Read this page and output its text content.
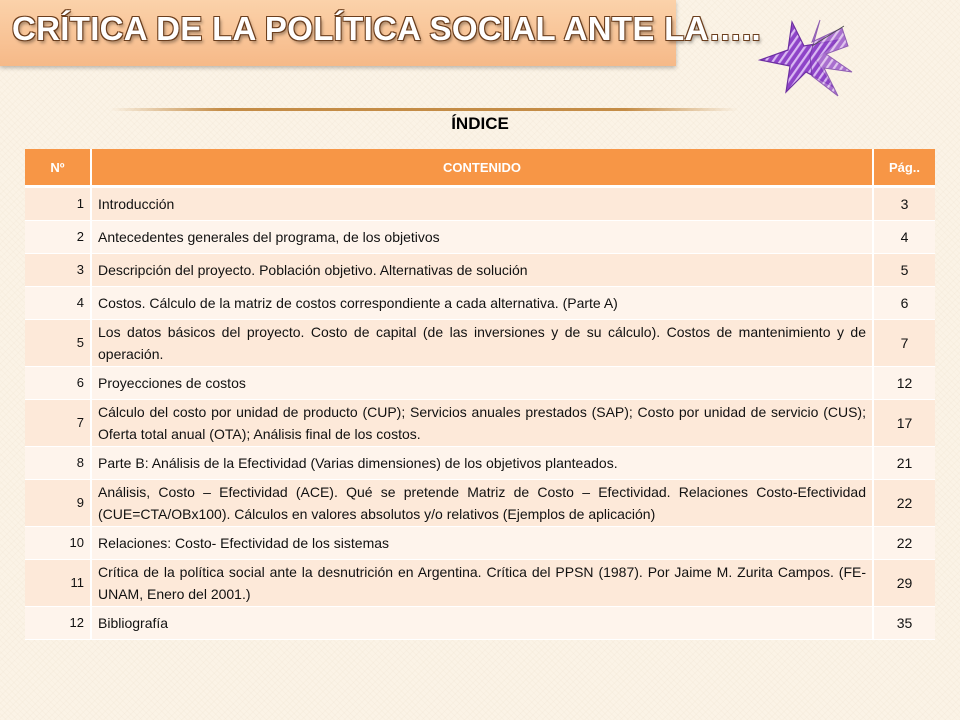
CRÍTICA DE LA POLÍTICA SOCIAL ANTE LA…..
ÍNDICE
Nº	CONTENIDO	Pág..
1	Introducción	3
2	Antecedentes generales del programa, de los objetivos	4
3	Descripción del proyecto. Población objetivo. Alternativas de solución	5
4	Costos. Cálculo de la matriz de costos correspondiente a cada alternativa. (Parte A)	6
5	Los datos básicos del proyecto. Costo de capital (de las inversiones y de su cálculo). Costos de mantenimiento y de operación.	7
6	Proyecciones de costos	12
7	Cálculo del costo por unidad de producto (CUP); Servicios anuales prestados (SAP); Costo por unidad de servicio (CUS); Oferta total anual (OTA); Análisis final de los costos.	17
8	Parte B: Análisis de la Efectividad (Varias dimensiones) de los objetivos planteados.	21
9	Análisis, Costo – Efectividad (ACE). Qué se pretende Matriz de Costo – Efectividad. Relaciones Costo-Efectividad (CUE=CTA/OBx100). Cálculos en valores absolutos y/o relativos (Ejemplos de aplicación)	22
10	Relaciones: Costo- Efectividad de los sistemas	22
11	Crítica de la política social ante la desnutrición en Argentina. Crítica del PPSN (1987). Por Jaime M. Zurita Campos. (FE-UNAM, Enero del 2001.)	29
12	Bibliografía	35
